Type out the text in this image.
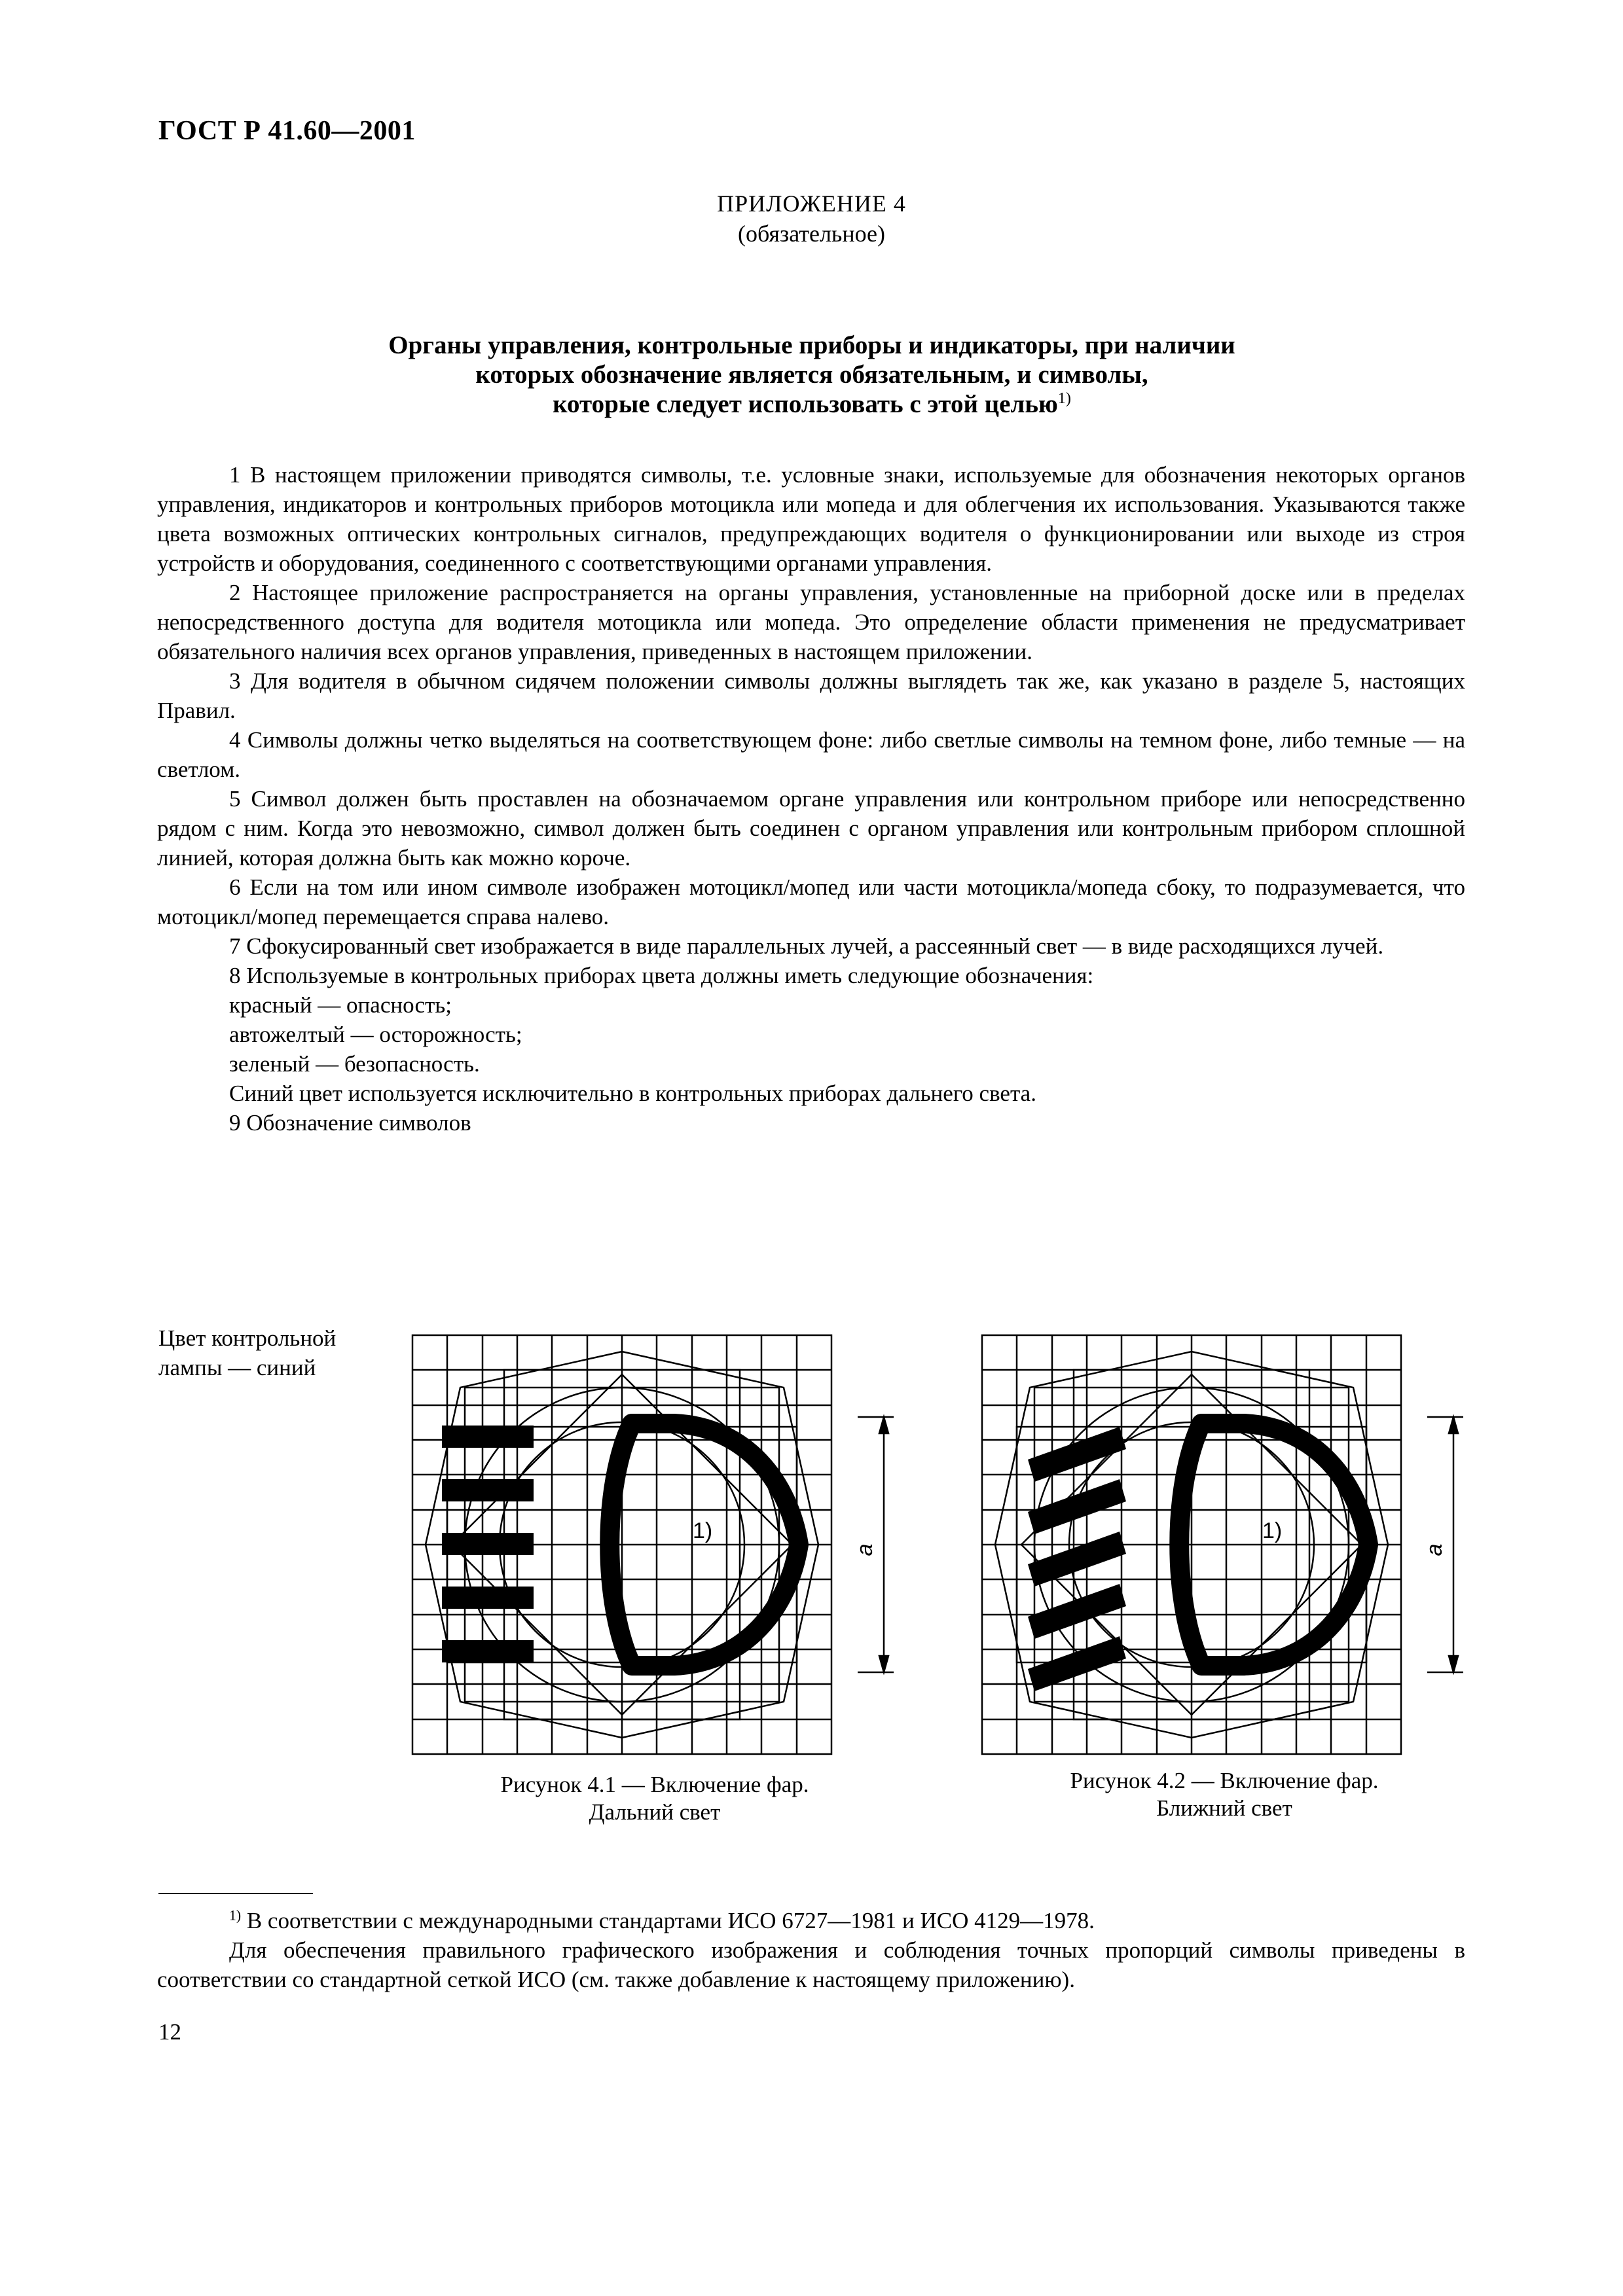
ГОСТ Р 41.60—2001
ПРИЛОЖЕНИЕ 4
(обязательное)
Органы управления, контрольные приборы и индикаторы, при наличии
которых обозначение является обязательным, и символы,
которые следует использовать с этой целью$^{1)}$

1 В настоящем приложении приводятся символы, т.е. условные знаки, используемые для обозначения некоторых органов управления, индикаторов и контрольных приборов мотоцикла или мопеда и для облегчения их использования. Указываются также цвета возможных оптических контрольных сигналов, предупреждающих водителя о функционировании или выходе из строя устройств и оборудования, соединенного с соответствующими органами управления.

2 Настоящее приложение распространяется на органы управления, установленные на приборной доске или в пределах непосредственного доступа для водителя мотоцикла или мопеда. Это определение области применения не предусматривает обязательного наличия всех органов управления, приведенных в настоящем приложении.

3 Для водителя в обычном сидячем положении символы должны выглядеть так же, как указано в разделе 5, настоящих Правил.

4 Символы должны четко выделяться на соответствующем фоне: либо светлые символы на темном фоне, либо темные — на светлом.

5 Символ должен быть проставлен на обозначаемом органе управления или контрольном приборе или непосредственно рядом с ним. Когда это невозможно, символ должен быть соединен с органом управления или контрольным прибором сплошной линией, которая должна быть как можно короче.

6 Если на том или ином символе изображен мотоцикл/мопед или части мотоцикла/мопеда сбоку, то подразумевается, что мотоцикл/мопед перемещается справа налево.

7 Сфокусированный свет изображается в виде параллельных лучей, а рассеянный свет — в виде расходящихся лучей.

8 Используемые в контрольных приборах цвета должны иметь следующие обозначения:

красный — опасность;

автожелтый — осторожность;

зеленый — безопасность.

Синий цвет используется исключительно в контрольных приборах дальнего света.

9 Обозначение символов

Цвет контрольной
лампы — синий
1)
a
1)
a
Рисунок 4.1 — Включение фар.
Дальний свет
Рисунок 4.2 — Включение фар.
Ближний свет

$^{1)}$ В соответствии с международными стандартами ИСО 6727—1981 и ИСО 4129—1978.

Для обеспечения правильного графического изображения и соблюдения точных пропорций символы приведены в соответствии со стандартной сеткой ИСО (см. также добавление к настоящему приложению).

12
